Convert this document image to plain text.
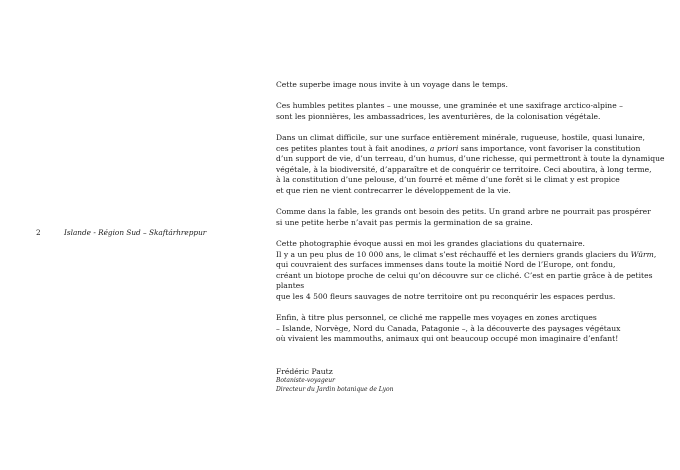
2	Islande - Région Sud – Skaftárhreppur

Cette superbe image nous invite à un voyage dans le temps.

Ces humbles petites plantes – une mousse, une graminée et une saxifrage arctico-alpine –
sont les pionnières, les ambassadrices, les aventurières, de la colonisation végétale.

Dans un climat difficile, sur une surface entièrement minérale, rugueuse, hostile, quasi lunaire,
ces petites plantes tout à fait anodines, a priori sans importance, vont favoriser la constitution
d’un support de vie, d’un terreau, d’un humus, d’une richesse, qui permettront à toute la dynamique
végétale, à la biodiversité, d’apparaître et de conquérir ce territoire. Ceci aboutira, à long terme,
à la constitution d’une pelouse, d’un fourré et même d’une forêt si le climat y est propice
et que rien ne vient contrecarrer le développement de la vie.

Comme dans la fable, les grands ont besoin des petits. Un grand arbre ne pourrait pas prospérer
si une petite herbe n’avait pas permis la germination de sa graine.

Cette photographie évoque aussi en moi les grandes glaciations du quaternaire.
Il y a un peu plus de 10 000 ans, le climat s’est réchauffé et les derniers grands glaciers du Würm,
qui couvraient des surfaces immenses dans toute la moitié Nord de l’Europe, ont fondu,
créant un biotope proche de celui qu’on découvre sur ce cliché. C’est en partie grâce à de petites plantes
que les 4 500 fleurs sauvages de notre territoire ont pu reconquérir les espaces perdus.

Enfin, à titre plus personnel, ce cliché me rappelle mes voyages en zones arctiques
– Islande, Norvège, Nord du Canada, Patagonie –, à la découverte des paysages végétaux
où vivaient les mammouths, animaux qui ont beaucoup occupé mon imaginaire d’enfant!

Frédéric Pautz
Botaniste-voyageur
Directeur du Jardin botanique de Lyon
